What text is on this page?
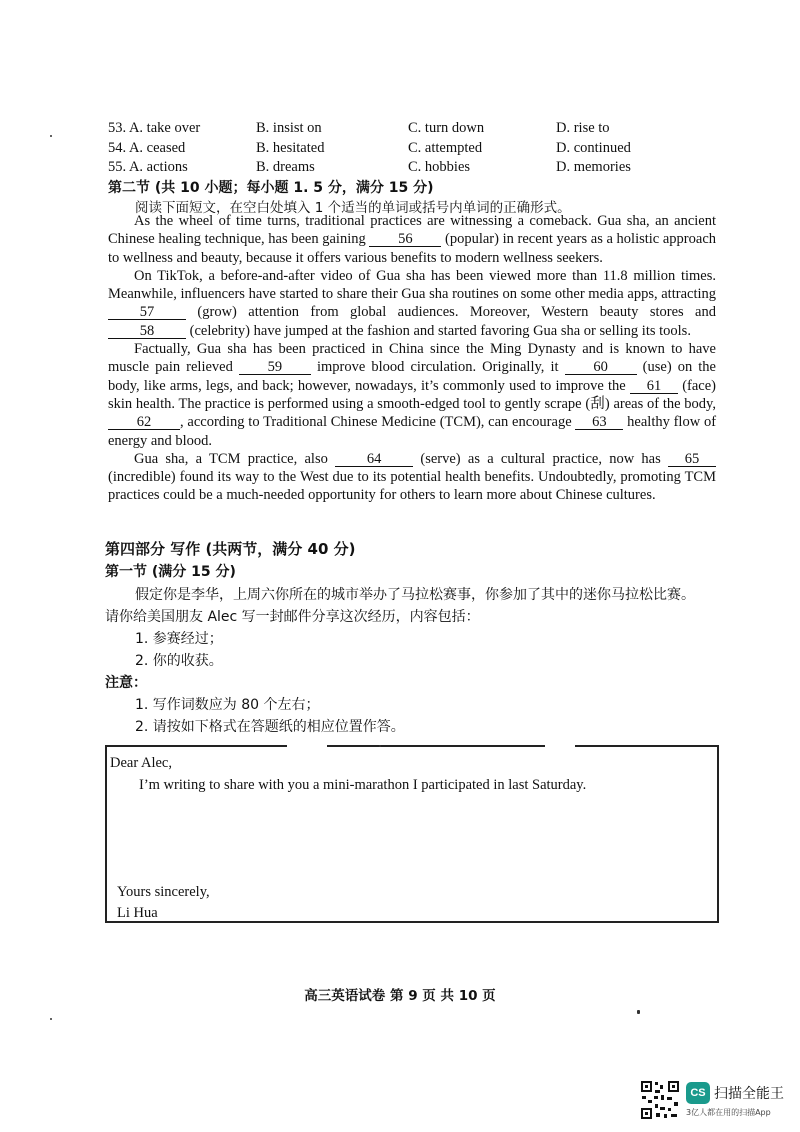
53. A. take over	B. insist on	C. turn down	D. rise to
54. A. ceased	B. hesitated	C. attempted	D. continued
55. A. actions	B. dreams	C. hobbies	D. memories
第二节 (共 10 小题；每小题 1. 5 分，满分 15 分)
阅读下面短文，在空白处填入 1 个适当的单词或括号内单词的正确形式。

As the wheel of time turns, traditional practices are witnessing a comeback. Gua sha, an ancient Chinese healing technique, has been gaining 56 (popular) in recent years as a holistic approach to wellness and beauty, because it offers various benefits to modern wellness seekers.

On TikTok, a before-and-after video of Gua sha has been viewed more than 11.8 million times. Meanwhile, influencers have started to share their Gua sha routines on some other media apps, attracting 57	(grow) attention from global audiences. Moreover, Western beauty stores and 58 (celebrity) have jumped at the fashion and started favoring Gua sha or selling its tools.

Factually, Gua sha has been practiced in China since the Ming Dynasty and is known to have muscle pain relieved 59 improve blood circulation. Originally, it 60 (use) on the body, like arms, legs, and back; however, nowadays, it’s commonly used to improve the 61 (face) skin health. The practice is performed using a smooth-edged tool to gently scrape (刮) areas of the body, 62 , according to Traditional Chinese Medicine (TCM), can encourage 63 healthy flow of energy and blood.

Gua sha, a TCM practice, also	64	(serve) as a cultural practice, now has 65 (incredible) found its way to the West due to its potential health benefits. Undoubtedly, promoting TCM practices could be a much-needed opportunity for others to learn more about Chinese cultures.

第四部分 写作 (共两节，满分 40 分)
第一节 (满分 15 分)
假定你是李华，上周六你所在的城市举办了马拉松赛事，你参加了其中的迷你马拉松比赛。
请你给美国朋友 Alec 写一封邮件分享这次经历，内容包括：
1. 参赛经过；
2. 你的收获。
注意：
1. 写作词数应为 80 个左右；
2. 请按如下格式在答题纸的相应位置作答。
Dear Alec,
I’m writing to share with you a mini-marathon I participated in last Saturday.
Yours sincerely,
Li Hua
高三英语试卷 第 9 页 共 10 页
CS 扫描全能王
3亿人都在用的扫描App
